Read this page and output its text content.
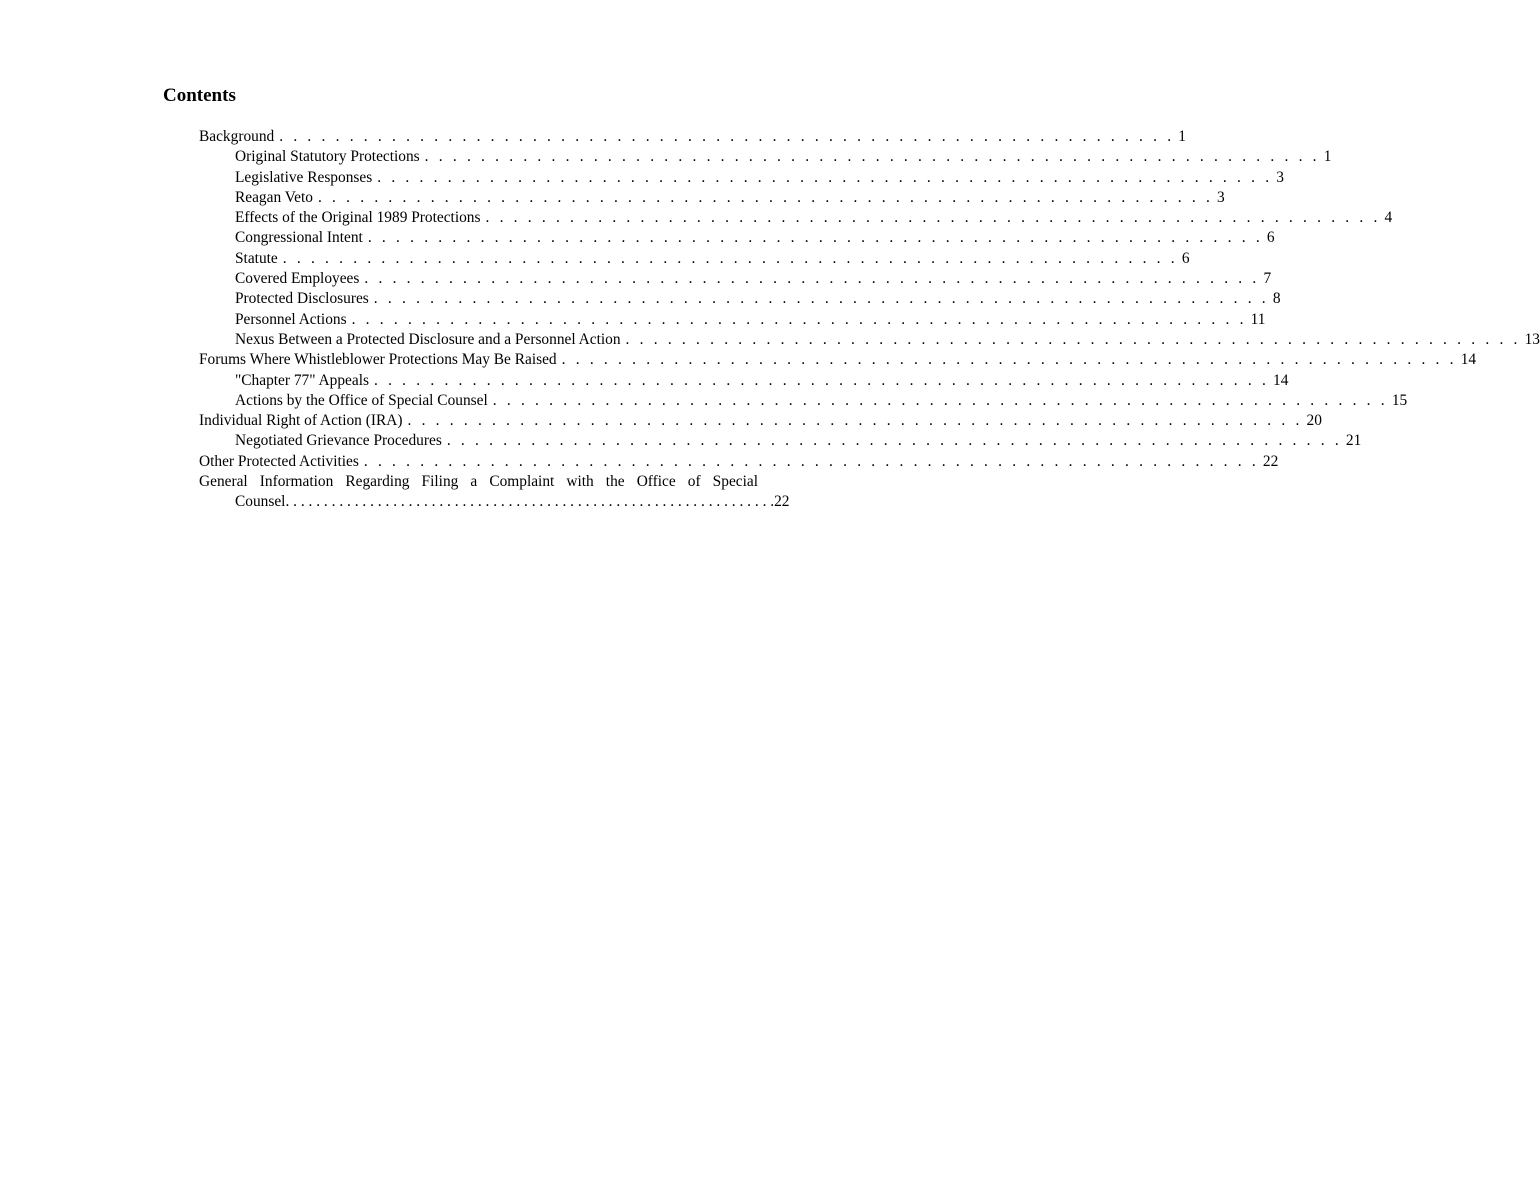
Contents
Background . . . . . . . . . . . . . . . . . . . . . . . . . . . . . . . . . . . . . . . . . . . . . . . . . . . . . . . . . . . . . . . . 1
Original Statutory Protections . . . . . . . . . . . . . . . . . . . . . . . . . . . . . . . . . . . . . . . . . . . . . . . . . . . . . . . . . . . . . . . . 1
Legislative Responses . . . . . . . . . . . . . . . . . . . . . . . . . . . . . . . . . . . . . . . . . . . . . . . . . . . . . . . . . . . . . . . . 3
Reagan Veto . . . . . . . . . . . . . . . . . . . . . . . . . . . . . . . . . . . . . . . . . . . . . . . . . . . . . . . . . . . . . . . . 3
Effects of the Original 1989 Protections . . . . . . . . . . . . . . . . . . . . . . . . . . . . . . . . . . . . . . . . . . . . . . . . . . . . . . . . . . . . . . . . 4
Congressional Intent . . . . . . . . . . . . . . . . . . . . . . . . . . . . . . . . . . . . . . . . . . . . . . . . . . . . . . . . . . . . . . . . 6
Statute . . . . . . . . . . . . . . . . . . . . . . . . . . . . . . . . . . . . . . . . . . . . . . . . . . . . . . . . . . . . . . . . 6
Covered Employees . . . . . . . . . . . . . . . . . . . . . . . . . . . . . . . . . . . . . . . . . . . . . . . . . . . . . . . . . . . . . . . . 7
Protected Disclosures . . . . . . . . . . . . . . . . . . . . . . . . . . . . . . . . . . . . . . . . . . . . . . . . . . . . . . . . . . . . . . . . 8
Personnel Actions . . . . . . . . . . . . . . . . . . . . . . . . . . . . . . . . . . . . . . . . . . . . . . . . . . . . . . . . . . . . . . . . 11
Nexus Between a Protected Disclosure and a Personnel Action . . . . . . . . . . . . . . . . . . . . . . . . . . . . . . . . . . . . . . . . . . . . . . . . . . . . . . . . . . . . . . . . 13
Forums Where Whistleblower Protections May Be Raised . . . . . . . . . . . . . . . . . . . . . . . . . . . . . . . . . . . . . . . . . . . . . . . . . . . . . . . . . . . . . . . . 14
"Chapter 77" Appeals . . . . . . . . . . . . . . . . . . . . . . . . . . . . . . . . . . . . . . . . . . . . . . . . . . . . . . . . . . . . . . . . 14
Actions by the Office of Special Counsel . . . . . . . . . . . . . . . . . . . . . . . . . . . . . . . . . . . . . . . . . . . . . . . . . . . . . . . . . . . . . . . . 15
Individual Right of Action (IRA) . . . . . . . . . . . . . . . . . . . . . . . . . . . . . . . . . . . . . . . . . . . . . . . . . . . . . . . . . . . . . . . . 20
Negotiated Grievance Procedures . . . . . . . . . . . . . . . . . . . . . . . . . . . . . . . . . . . . . . . . . . . . . . . . . . . . . . . . . . . . . . . . 21
Other Protected Activities . . . . . . . . . . . . . . . . . . . . . . . . . . . . . . . . . . . . . . . . . . . . . . . . . . . . . . . . . . . . . . . . 22
General Information Regarding Filing a Complaint with the Office of Special
Counsel . . . . . . . . . . . . . . . . . . . . . . . . . . . . . . . . . . . . . . . . . . . . . . . . . . . . . . . . . . . . . . . . 22
